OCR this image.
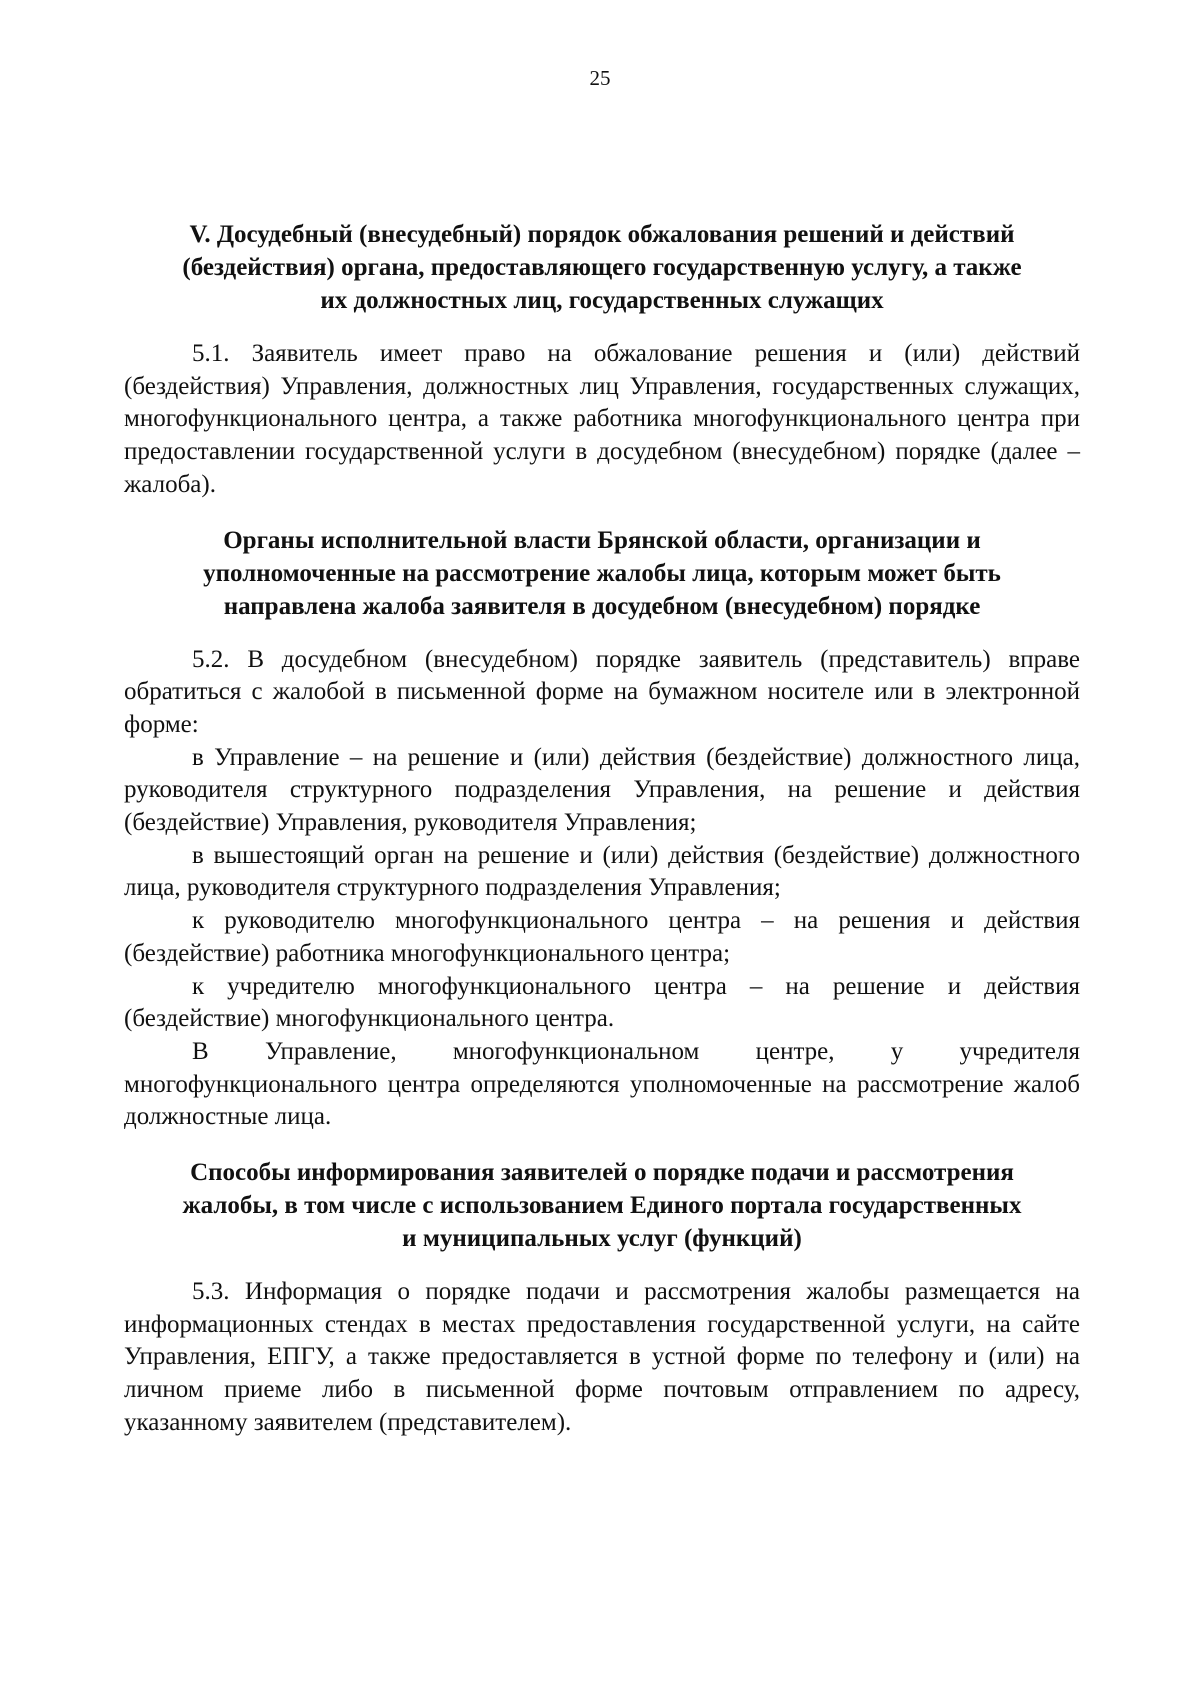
25
V. Досудебный (внесудебный) порядок обжалования решений и действий
(бездействия) органа, предоставляющего государственную услугу, а также
их должностных лиц, государственных служащих

5.1. Заявитель имеет право на обжалование решения и (или) действий (бездействия) Управления, должностных лиц Управления, государственных служащих, многофункционального центра, а также работника многофункционального центра при предоставлении государственной услуги в досудебном (внесудебном) порядке (далее – жалоба).

Органы исполнительной власти Брянской области, организации и
уполномоченные на рассмотрение жалобы лица, которым может быть
направлена жалоба заявителя в досудебном (внесудебном) порядке

5.2. В досудебном (внесудебном) порядке заявитель (представитель) вправе обратиться с жалобой в письменной форме на бумажном носителе или в электронной форме:

в Управление – на решение и (или) действия (бездействие) должностного лица, руководителя структурного подразделения Управления, на решение и действия (бездействие) Управления, руководителя Управления;

в вышестоящий орган на решение и (или) действия (бездействие) должностного лица, руководителя структурного подразделения Управления;

к руководителю многофункционального центра – на решения и действия (бездействие) работника многофункционального центра;

к учредителю многофункционального центра – на решение и действия (бездействие) многофункционального центра.

В Управление, многофункциональном центре, у учредителя многофункционального центра определяются уполномоченные на рассмотрение жалоб должностные лица.

Способы информирования заявителей о порядке подачи и рассмотрения
жалобы, в том числе с использованием Единого портала государственных
и муниципальных услуг (функций)

5.3. Информация о порядке подачи и рассмотрения жалобы размещается на информационных стендах в местах предоставления государственной услуги, на сайте Управления, ЕПГУ, а также предоставляется в устной форме по телефону и (или) на личном приеме либо в письменной форме почтовым отправлением по адресу, указанному заявителем (представителем).
